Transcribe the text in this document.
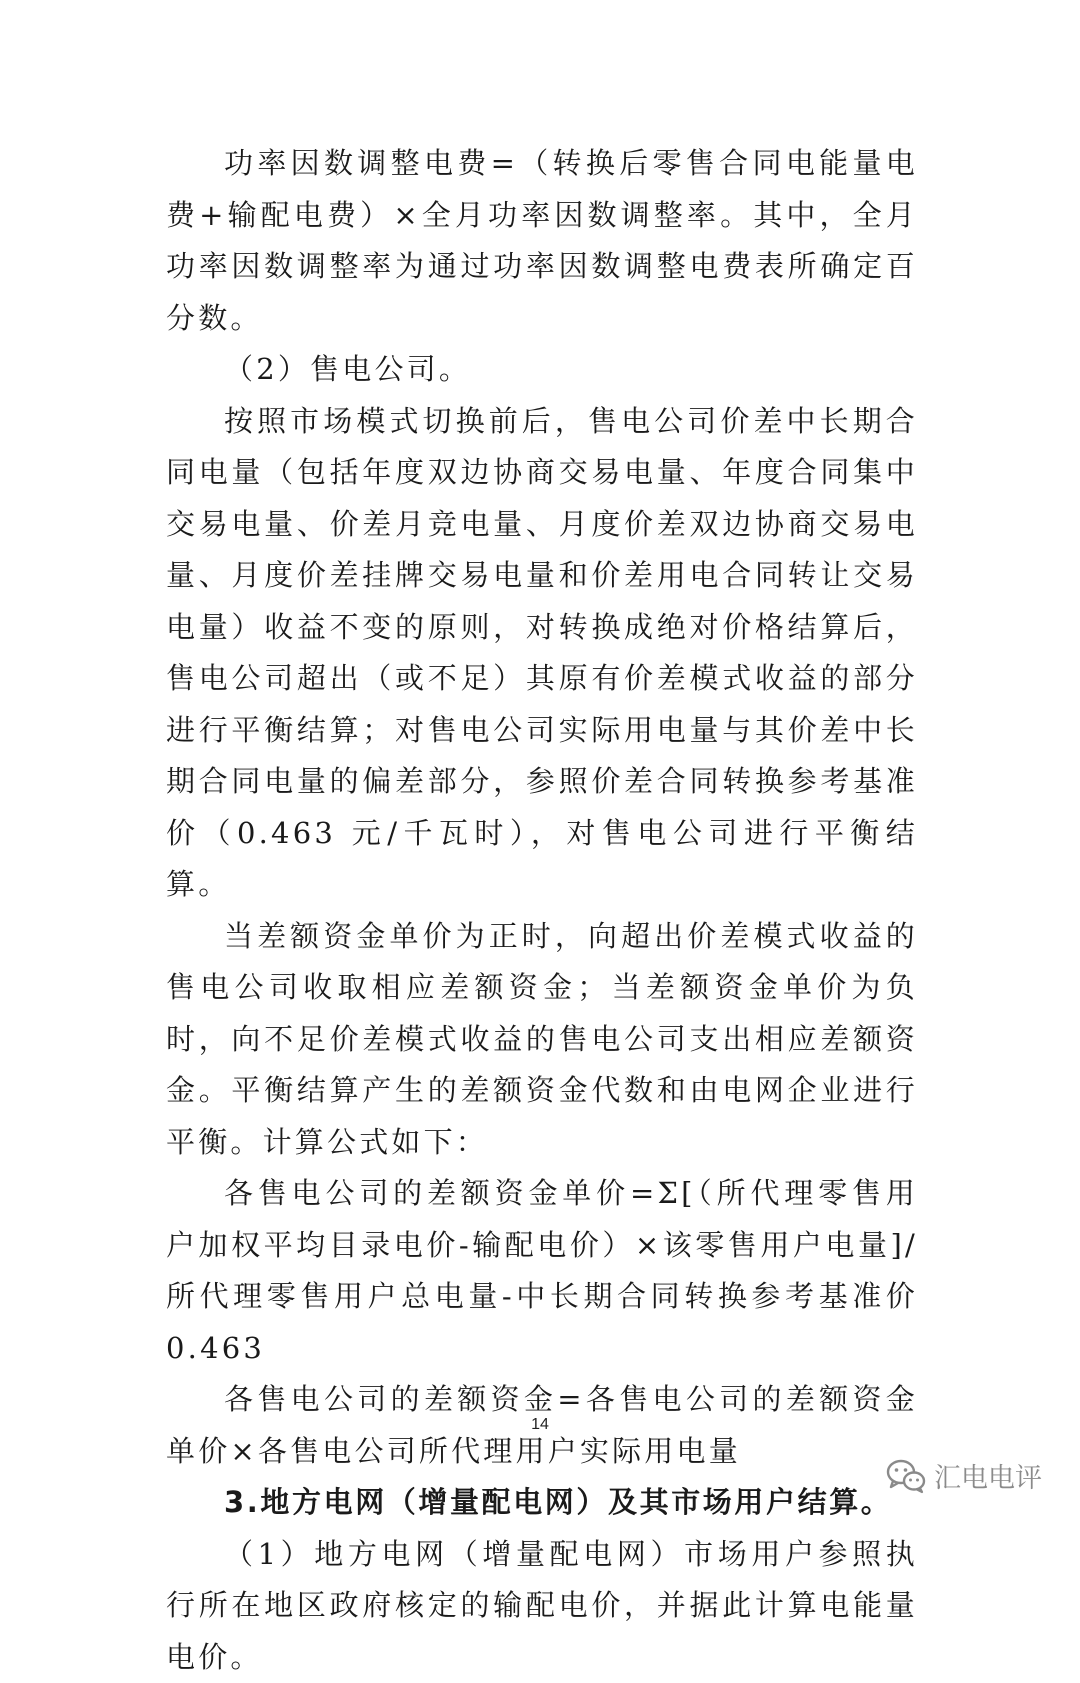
功率因数调整电费=（转换后零售合同电能量电费+输配电费）×全月功率因数调整率。其中，全月功率因数调整率为通过功率因数调整电费表所确定百分数。

（2）售电公司。

按照市场模式切换前后，售电公司价差中长期合同电量（包括年度双边协商交易电量、年度合同集中交易电量、价差月竞电量、月度价差双边协商交易电量、月度价差挂牌交易电量和价差用电合同转让交易电量）收益不变的原则，对转换成绝对价格结算后，售电公司超出（或不足）其原有价差模式收益的部分进行平衡结算；对售电公司实际用电量与其价差中长期合同电量的偏差部分，参照价差合同转换参考基准价（0.463 元/千瓦时），对售电公司进行平衡结算。

当差额资金单价为正时，向超出价差模式收益的售电公司收取相应差额资金；当差额资金单价为负时，向不足价差模式收益的售电公司支出相应差额资金。平衡结算产生的差额资金代数和由电网企业进行平衡。计算公式如下：

各售电公司的差额资金单价=Σ[（所代理零售用户加权平均目录电价-输配电价）×该零售用户电量]/所代理零售用户总电量-中长期合同转换参考基准价 0.463

各售电公司的差额资金=各售电公司的差额资金单价×各售电公司所代理用户实际用电量

3.地方电网（增量配电网）及其市场用户结算。

（1）地方电网（增量配电网）市场用户参照执行所在地区政府核定的输配电价，并据此计算电能量电价。

14
汇电电评
